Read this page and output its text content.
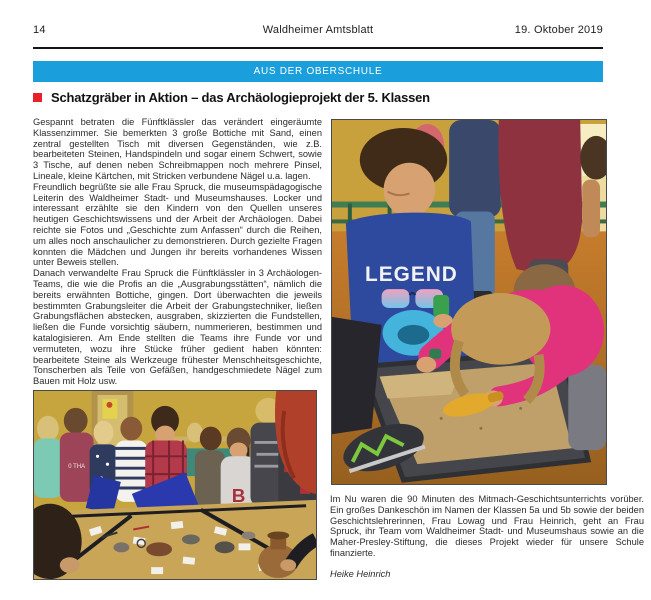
14	Waldheimer Amtsblatt	19. Oktober 2019
AUS DER OBERSCHULE
Schatzgräber in Aktion – das Archäologieprojekt der 5. Klassen

Gespannt betraten die Fünftklässler das verändert eingeräumte Klassenzimmer. Sie bemerkten 3 große Bottiche mit Sand, einen zentral gestellten Tisch mit diversen Gegenständen, wie z.B. bearbeiteten Steinen, Handspindeln und sogar einem Schwert, sowie 3 Tische, auf denen neben Schreibmappen noch mehrere Pinsel, Lineale, kleine Kärtchen, mit Stricken verbundene Nägel u.a. lagen.

Freundlich begrüßte sie alle Frau Spruck, die museumspädagogische Leiterin des Waldheimer Stadt- und Museumshauses. Locker und interessant erzählte sie den Kindern von den Quellen unseres heutigen Geschichtswissens und der Arbeit der Archäologen. Dabei reichte sie Fotos und „Geschichte zum Anfassen“ durch die Reihen, um alles noch anschaulicher zu demonstrieren. Durch gezielte Fragen konnten die Mädchen und Jungen ihr bereits vorhandenes Wissen unter Beweis stellen.

Danach verwandelte Frau Spruck die Fünftklässler in 3 Archäologen-Teams, die wie die Profis an die „Ausgrabungsstätten“, nämlich die bereits erwähnten Bottiche, gingen. Dort überwachten die jeweils bestimmten Grabungsleiter die Arbeit der Grabungstechniker, ließen Grabungsflächen abstecken, ausgraben, skizzierten die Fundstellen, ließen die Funde vorsichtig säubern, nummerieren, bestimmen und katalogisieren. Am Ende stellten die Teams ihre Funde vor und vermuteten, wozu ihre Stücke früher gedient haben könnten: bearbeitete Steine als Werkzeuge frühester Menschheitsgeschichte, Tonscherben als Teile von Gefäßen, handgeschmiedete Nägel zum Bauen mit Holz usw.

LEGEND
0 THA
B	Im Nu waren die 90 Minuten des Mitmach-Geschichtsunterrichts vorüber. Ein großes Dankeschön im Namen der Klassen 5a und 5b sowie der beiden Geschichtslehrerinnen, Frau Lowag und Frau Heinrich, geht an Frau Spruck, ihr Team vom Waldheimer Stadt- und Museumshaus sowie an die Maher-Presley-Stiftung, die dieses Projekt wieder für unsere Schule finanzierte.

Heike Heinrich
